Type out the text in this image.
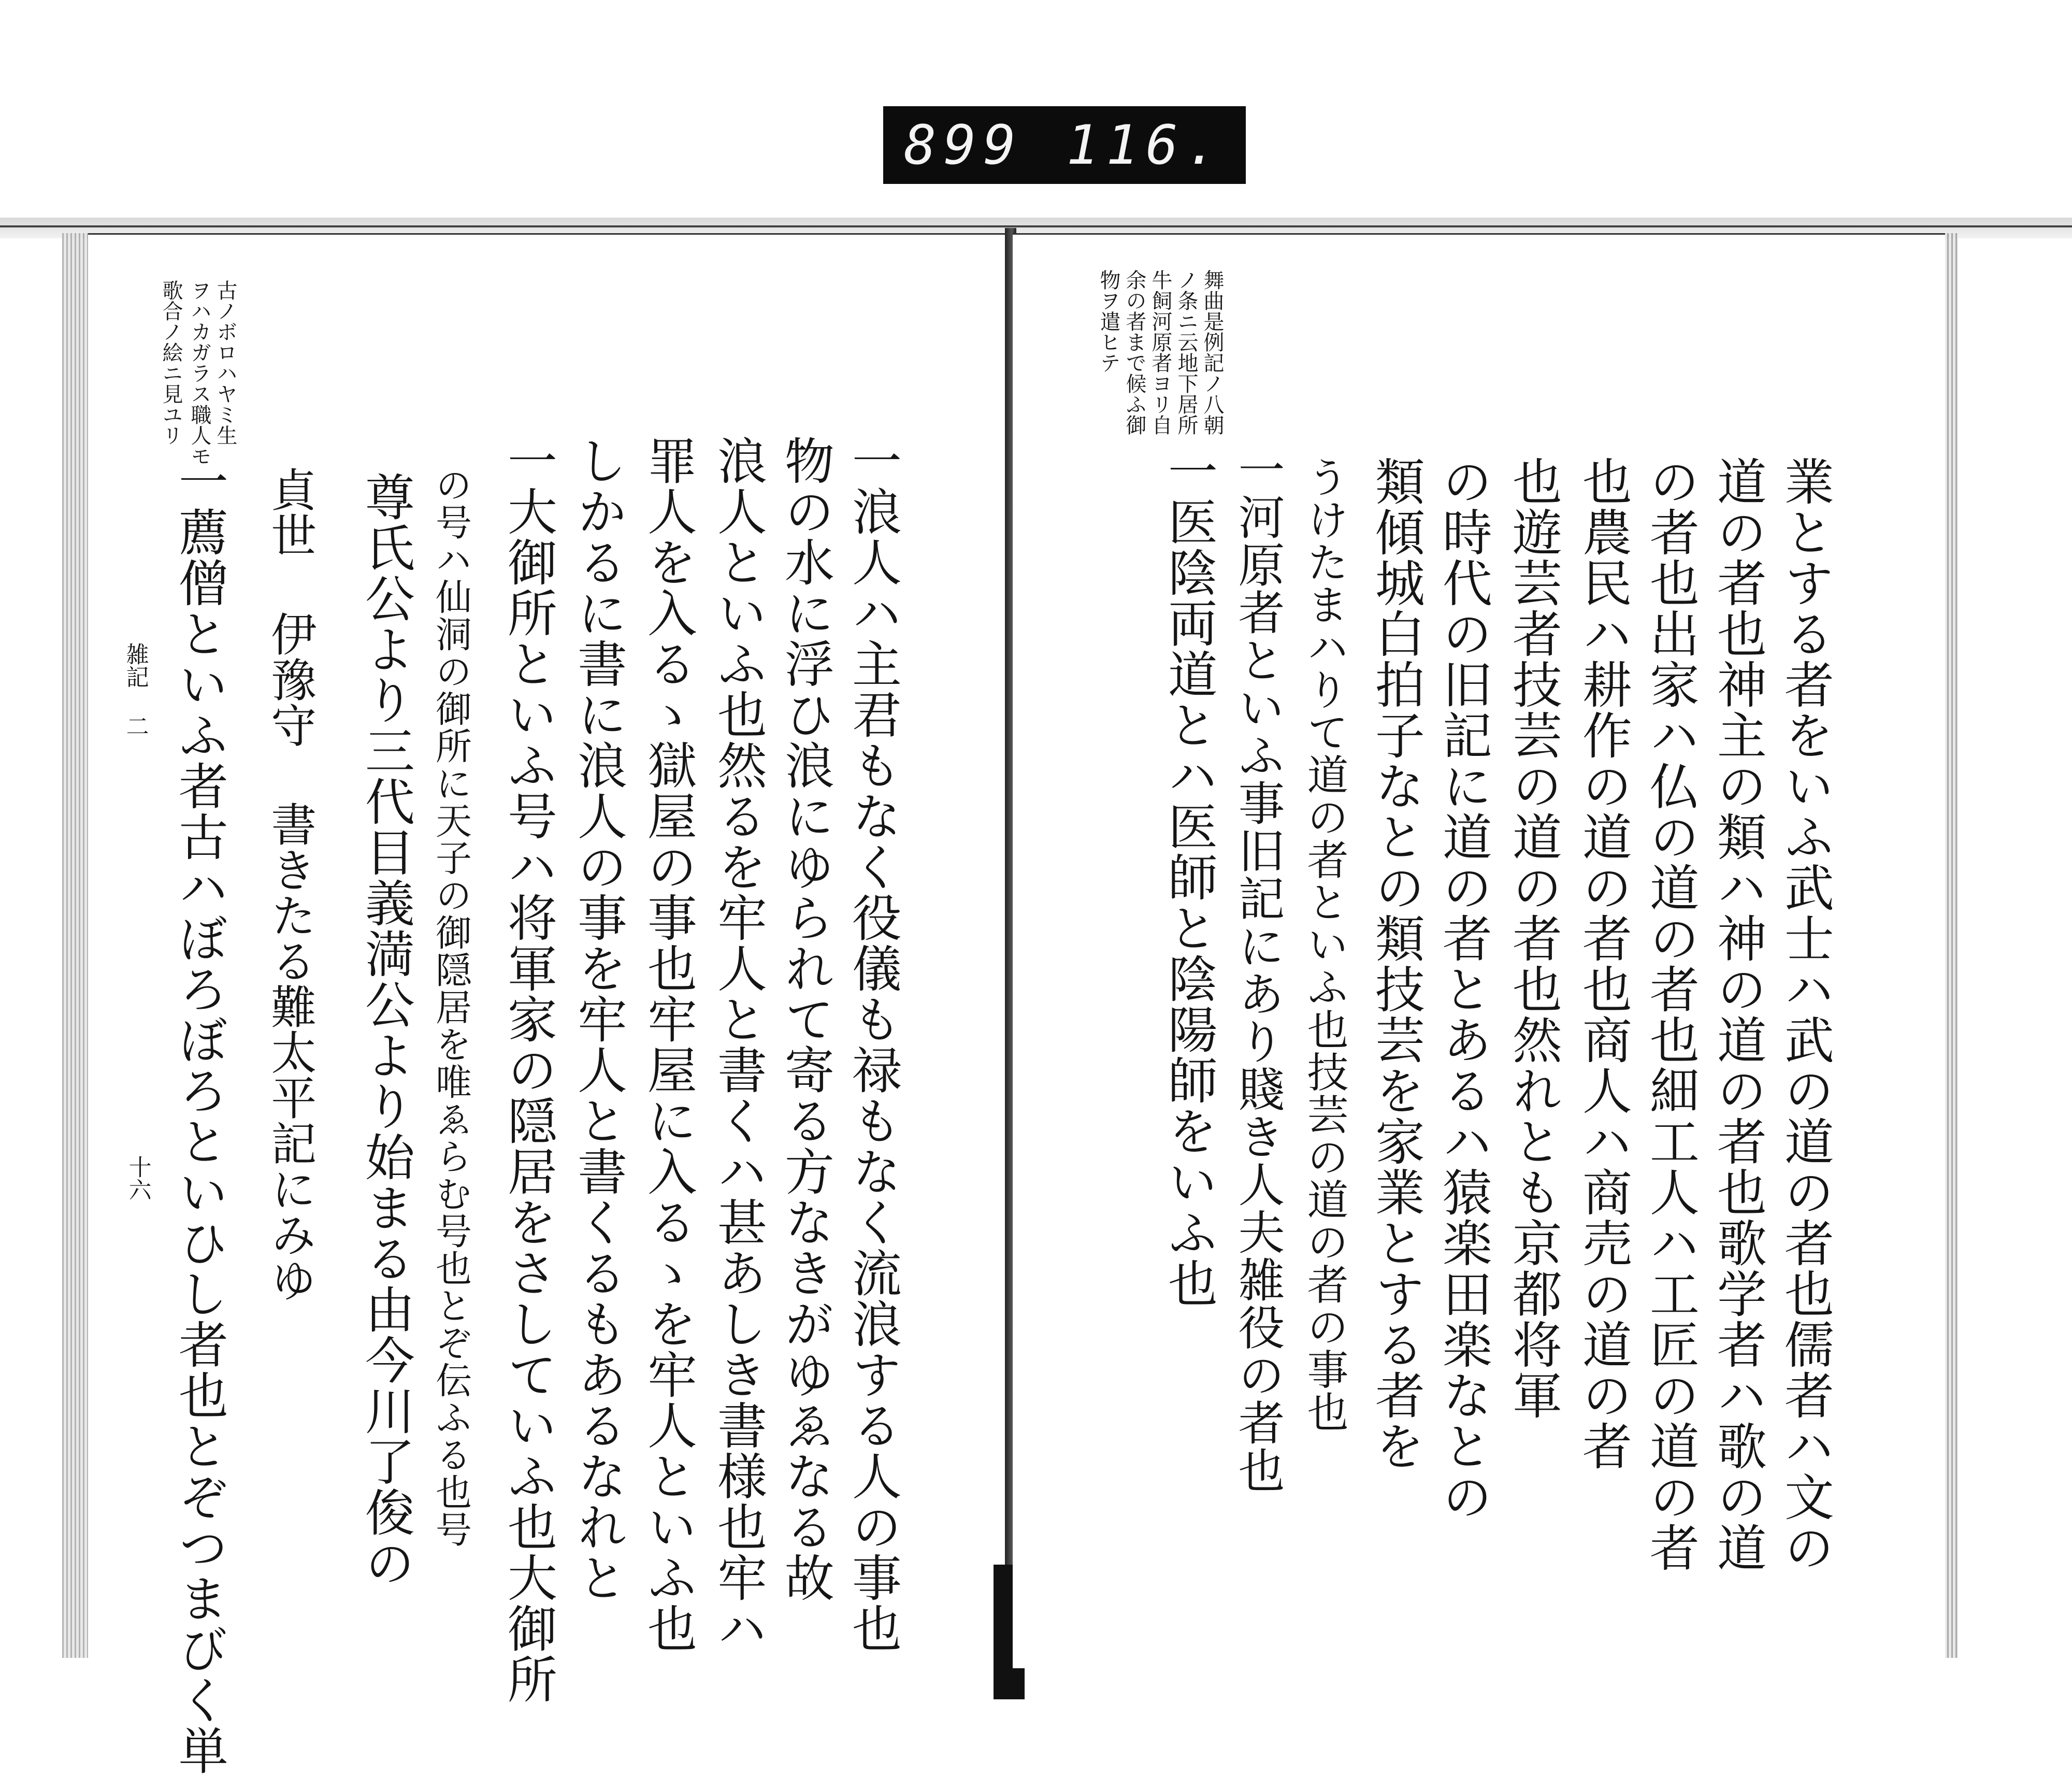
899 116.
古ノボロハヤミ生
ヲハカガラス職人モ
歌合ノ絵ニ見ユリ
一浪人ハ主君もなく役儀も禄もなく流浪する人の事也
物の水に浮ひ浪にゆられて寄る方なきがゆゑなる故
浪人といふ也然るを牢人と書くハ甚あしき書様也牢ハ
罪人を入るゝ獄屋の事也牢屋に入るゝを牢人といふ也
しかるに書に浪人の事を牢人と書くるもあるなれと
一大御所といふ号ハ将軍家の隠居をさしていふ也大御所
の号ハ仙洞の御所に天子の御隠居を唯ゑらむ号也とぞ伝ふる也号
尊氏公より三代目義満公より始まる由今川了俊の
貞世 伊豫守 書きたる難太平記にみゆ
一薦僧といふ者古ハぼろぼろといひし者也とぞつまびく単
雑記 二
十六
舞曲是例記ノ八朝
ノ条ニ云地下居所
牛飼河原者ヨリ自
余の者まで候ふ御
物ヲ遣ヒテ
業とする者をいふ武士ハ武の道の者也儒者ハ文の
道の者也神主の類ハ神の道の者也歌学者ハ歌の道
の者也出家ハ仏の道の者也細工人ハ工匠の道の者
也農民ハ耕作の道の者也商人ハ商売の道の者
也遊芸者技芸の道の者也然れとも京都将軍
の時代の旧記に道の者とあるハ猿楽田楽なとの
類傾城白拍子なとの類技芸を家業とする者を
うけたまハりて道の者といふ也技芸の道の者の事也
一河原者といふ事旧記にあり賤き人夫雑役の者也
一医陰両道とハ医師と陰陽師をいふ也
